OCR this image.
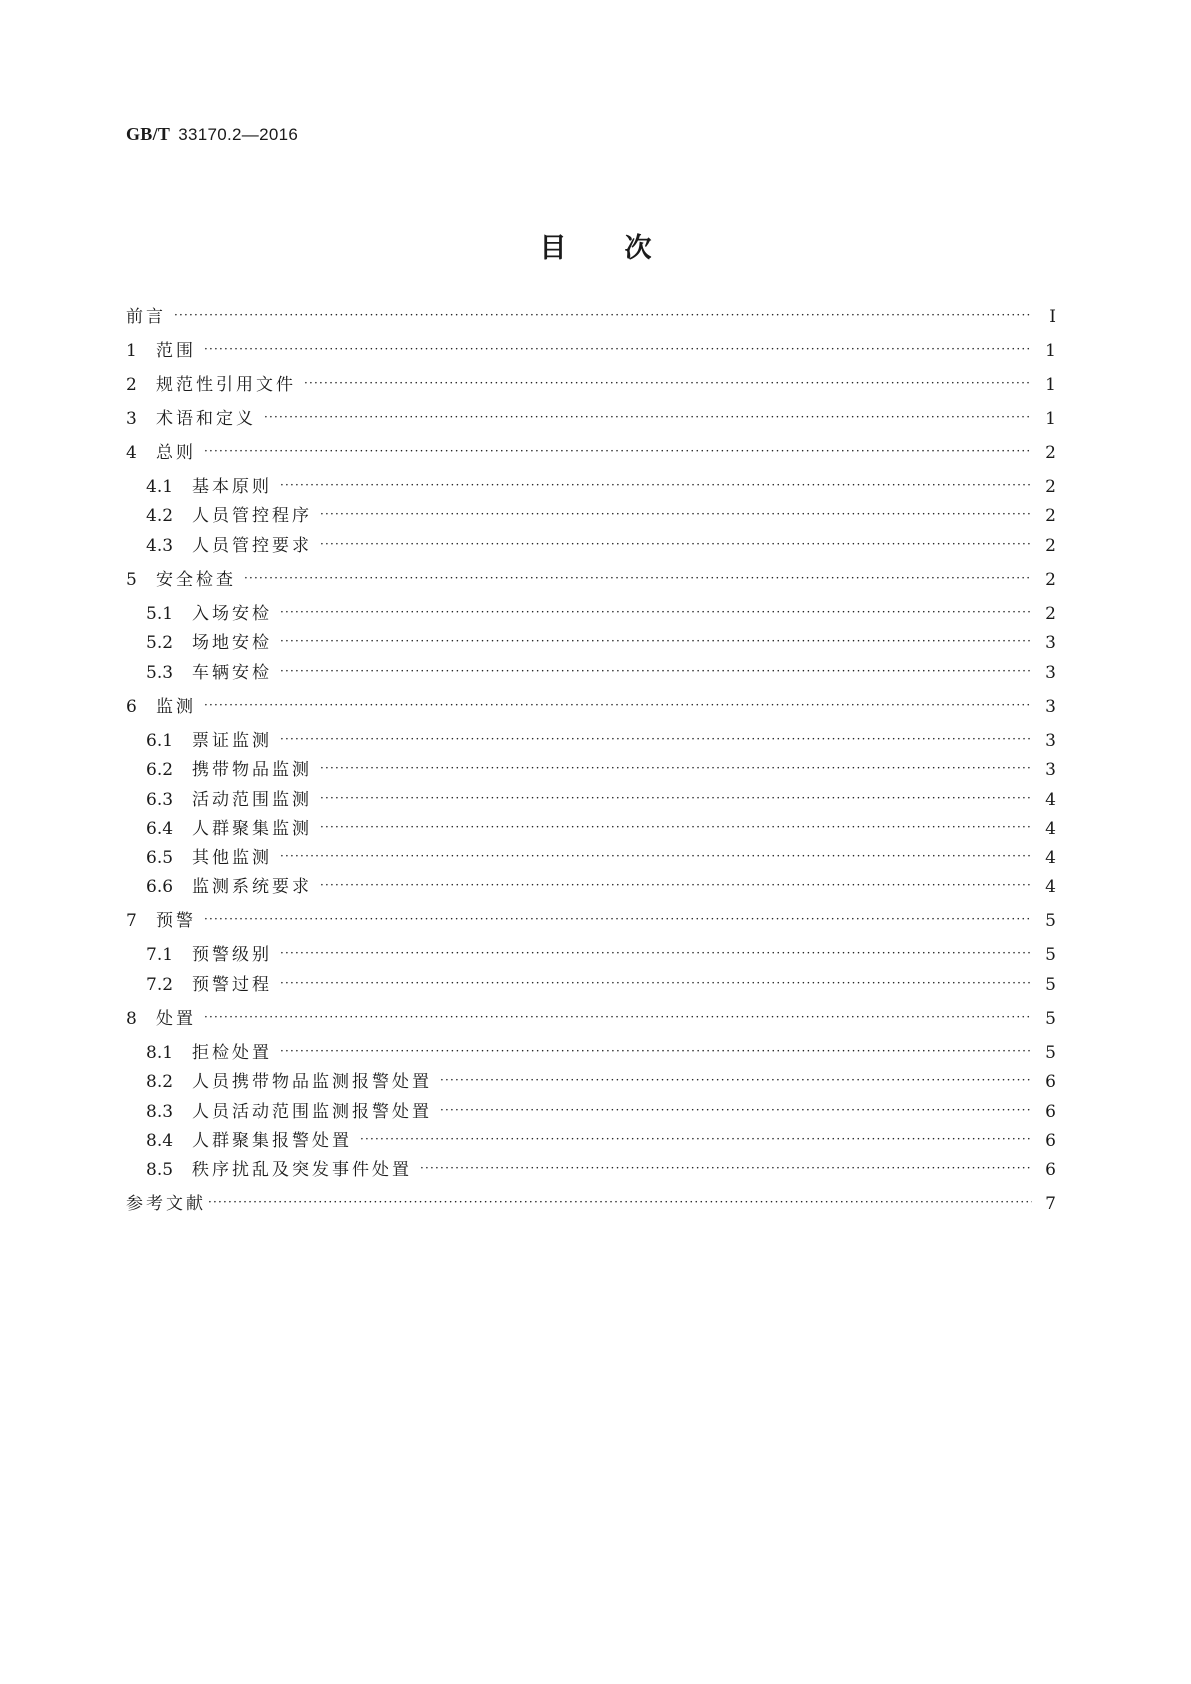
GB/T 33170.2—2016
目 次
前言 ·····	Ⅰ
1	范围 ·····	1
2	规范性引用文件 ·····	1
3	术语和定义 ·····	1
4	总则 ·····	2
4.1	基本原则 ·····	2
4.2	人员管控程序 ·····	2
4.3	人员管控要求 ·····	2
5	安全检查 ·····	2
5.1	入场安检 ·····	2
5.2	场地安检 ·····	3
5.3	车辆安检 ·····	3
6	监测 ·····	3
6.1	票证监测 ·····	3
6.2	携带物品监测 ·····	3
6.3	活动范围监测 ·····	4
6.4	人群聚集监测 ·····	4
6.5	其他监测 ·····	4
6.6	监测系统要求 ·····	4
7	预警 ·····	5
7.1	预警级别 ·····	5
7.2	预警过程 ·····	5
8	处置 ·····	5
8.1	拒检处置 ·····	5
8.2	人员携带物品监测报警处置 ·····	6
8.3	人员活动范围监测报警处置 ·····	6
8.4	人群聚集报警处置 ·····	6
8.5	秩序扰乱及突发事件处置 ·····	6
参考文献 ·····	7
